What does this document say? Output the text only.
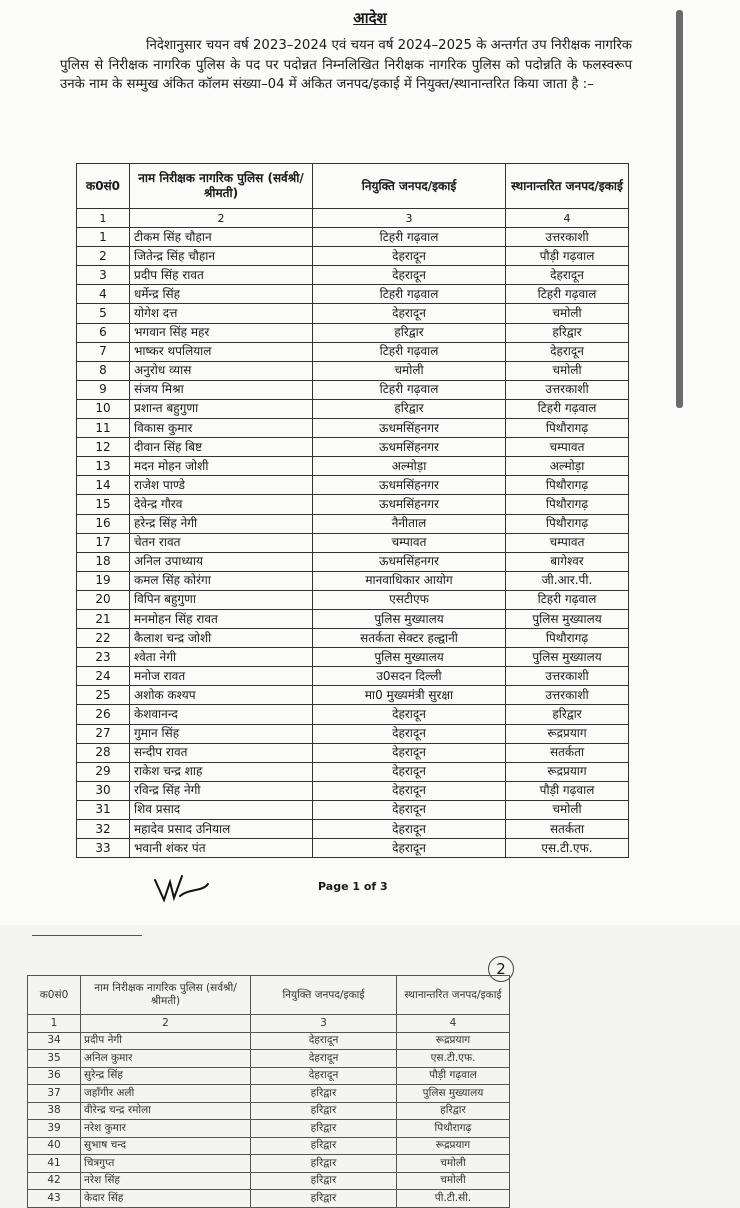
आदेश
निदेशानुसार चयन वर्ष 2023–2024 एवं चयन वर्ष 2024–2025 के अन्तर्गत उप निरीक्षक नागरिक पुलिस से निरीक्षक नागरिक पुलिस के पद पर पदोन्नत निम्नलिखित निरीक्षक नागरिक पुलिस को पदोन्नति के फलस्वरूप उनके नाम के सम्मुख अंकित कॉलम संख्या–04 में अंकित जनपद/इकाई में नियुक्त/स्थानान्तरित किया जाता है :–
क0सं0	नाम निरीक्षक नागरिक पुलिस (सर्वश्री/श्रीमती)	नियुक्ति जनपद/इकाई	स्थानान्तरित जनपद/इकाई
1	2	3	4
1	टीकम सिंह चौहान	टिहरी गढ़वाल	उत्तरकाशी
2	जितेन्द्र सिंह चौहान	देहरादून	पौड़ी गढ़वाल
3	प्रदीप सिंह रावत	देहरादून	देहरादून
4	धर्मेन्द्र सिंह	टिहरी गढ़वाल	टिहरी गढ़वाल
5	योगेश दत्त	देहरादून	चमोली
6	भगवान सिंह महर	हरिद्वार	हरिद्वार
7	भाष्कर थपलियाल	टिहरी गढ़वाल	देहरादून
8	अनुरोध व्यास	चमोली	चमोली
9	संजय मिश्रा	टिहरी गढ़वाल	उत्तरकाशी
10	प्रशान्त बहुगुणा	हरिद्वार	टिहरी गढ़वाल
11	विकास कुमार	ऊधमसिंहनगर	पिथौरागढ़
12	दीवान सिंह बिष्ट	ऊधमसिंहनगर	चम्पावत
13	मदन मोहन जोशी	अल्मोड़ा	अल्मोड़ा
14	राजेश पाण्डे	ऊधमसिंहनगर	पिथौरागढ़
15	देवेन्द्र गौरव	ऊधमसिंहनगर	पिथौरागढ़
16	हरेन्द्र सिंह नेगी	नैनीताल	पिथौरागढ़
17	चेतन रावत	चम्पावत	चम्पावत
18	अनिल उपाध्याय	ऊधमसिंहनगर	बागेश्वर
19	कमल सिंह कोरंगा	मानवाधिकार आयोग	जी.आर.पी.
20	विपिन बहुगुणा	एसटीएफ	टिहरी गढ़वाल
21	मनमोहन सिंह रावत	पुलिस मुख्यालय	पुलिस मुख्यालय
22	कैलाश चन्द्र जोशी	सतर्कता सेक्टर हल्द्वानी	पिथौरागढ़
23	श्वेता नेगी	पुलिस मुख्यालय	पुलिस मुख्यालय
24	मनोज रावत	उ0सदन दिल्ली	उत्तरकाशी
25	अशोक कश्यप	मा0 मुख्यमंत्री सुरक्षा	उत्तरकाशी
26	केशवानन्द	देहरादून	हरिद्वार
27	गुमान सिंह	देहरादून	रूद्रप्रयाग
28	सन्दीप रावत	देहरादून	सतर्कता
29	राकेश चन्द्र शाह	देहरादून	रूद्रप्रयाग
30	रविन्द्र सिंह नेगी	देहरादून	पौड़ी गढ़वाल
31	शिव प्रसाद	देहरादून	चमोली
32	महादेव प्रसाद उनियाल	देहरादून	सतर्कता
33	भवानी शंकर पंत	देहरादून	एस.टी.एफ.
Page 1 of 3
2
क0सं0	नाम निरीक्षक नागरिक पुलिस (सर्वश्री/श्रीमती)	नियुक्ति जनपद/इकाई	स्थानान्तरित जनपद/इकाई
1	2	3	4
34	प्रदीप नेगी	देहरादून	रूद्रप्रयाग
35	अनिल कुमार	देहरादून	एस.टी.एफ.
36	सुरेन्द्र सिंह	देहरादून	पौड़ी गढ़वाल
37	जहाँगीर अली	हरिद्वार	पुलिस मुख्यालय
38	वीरेन्द्र चन्द्र रमोला	हरिद्वार	हरिद्वार
39	नरेश कुमार	हरिद्वार	पिथौरागढ़
40	सुभाष चन्द	हरिद्वार	रूद्रप्रयाग
41	चित्रगुप्त	हरिद्वार	चमोली
42	नरेश सिंह	हरिद्वार	चमोली
43	केदार सिंह	हरिद्वार	पी.टी.सी.
